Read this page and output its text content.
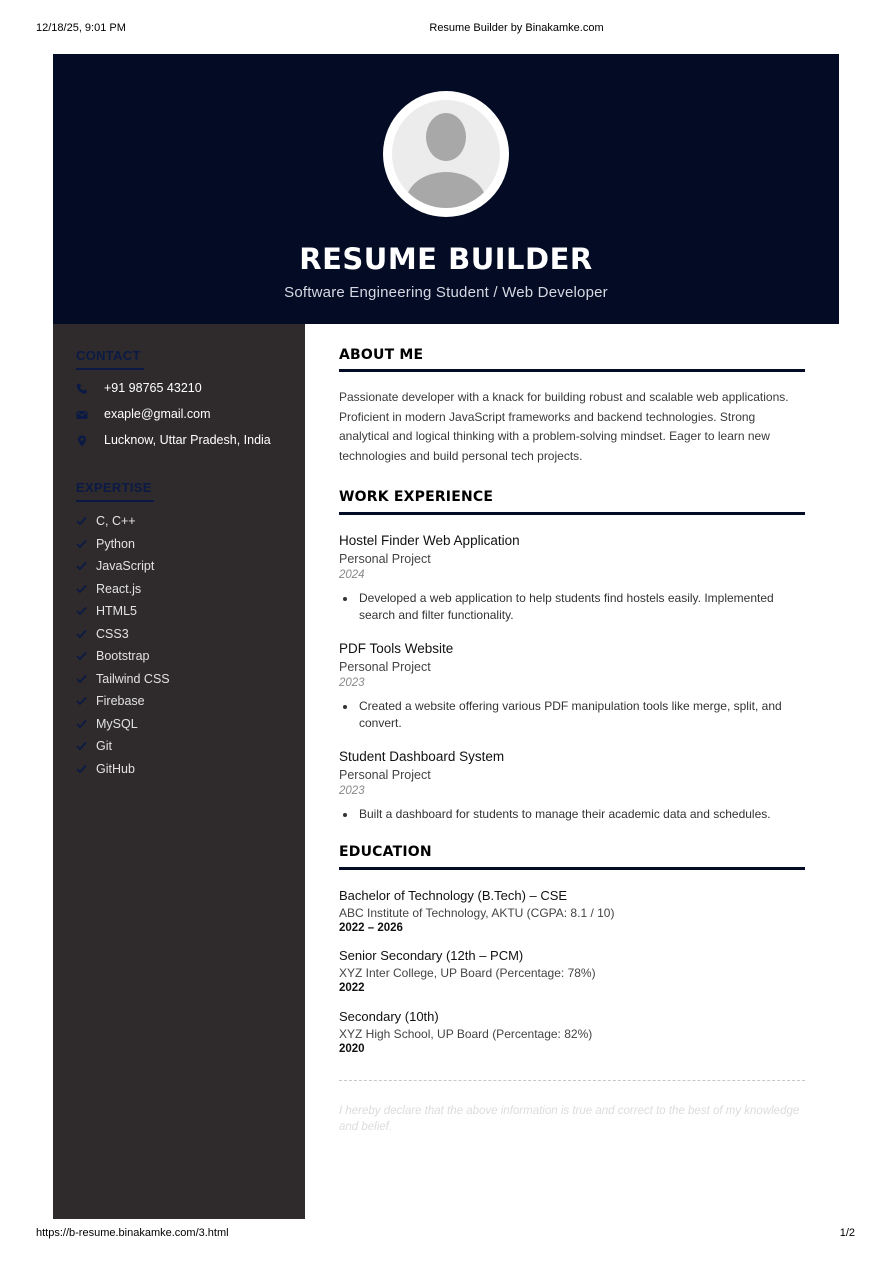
12/18/25, 9:01 PM	Resume Builder by Binakamke.com
RESUME BUILDER
Software Engineering Student / Web Developer
CONTACT
+91 98765 43210
exaple@gmail.com
Lucknow, Uttar Pradesh, India
EXPERTISE
C, C++
Python
JavaScript
React.js
HTML5
CSS3
Bootstrap
Tailwind CSS
Firebase
MySQL
Git
GitHub
ABOUT ME
Passionate developer with a knack for building robust and scalable web applications. Proficient in modern JavaScript frameworks and backend technologies. Strong analytical and logical thinking with a problem-solving mindset. Eager to learn new technologies and build personal tech projects.
WORK EXPERIENCE
Hostel Finder Web Application
Personal Project
2024
Developed a web application to help students find hostels easily. Implemented search and filter functionality.
PDF Tools Website
Personal Project
2023
Created a website offering various PDF manipulation tools like merge, split, and convert.
Student Dashboard System
Personal Project
2023
Built a dashboard for students to manage their academic data and schedules.
EDUCATION
Bachelor of Technology (B.Tech) – CSE
ABC Institute of Technology, AKTU (CGPA: 8.1 / 10)
2022 – 2026
Senior Secondary (12th – PCM)
XYZ Inter College, UP Board (Percentage: 78%)
2022
Secondary (10th)
XYZ High School, UP Board (Percentage: 82%)
2020
I hereby declare that the above information is true and correct to the best of my knowledge and belief.
https://b-resume.binakamke.com/3.html	1/2
